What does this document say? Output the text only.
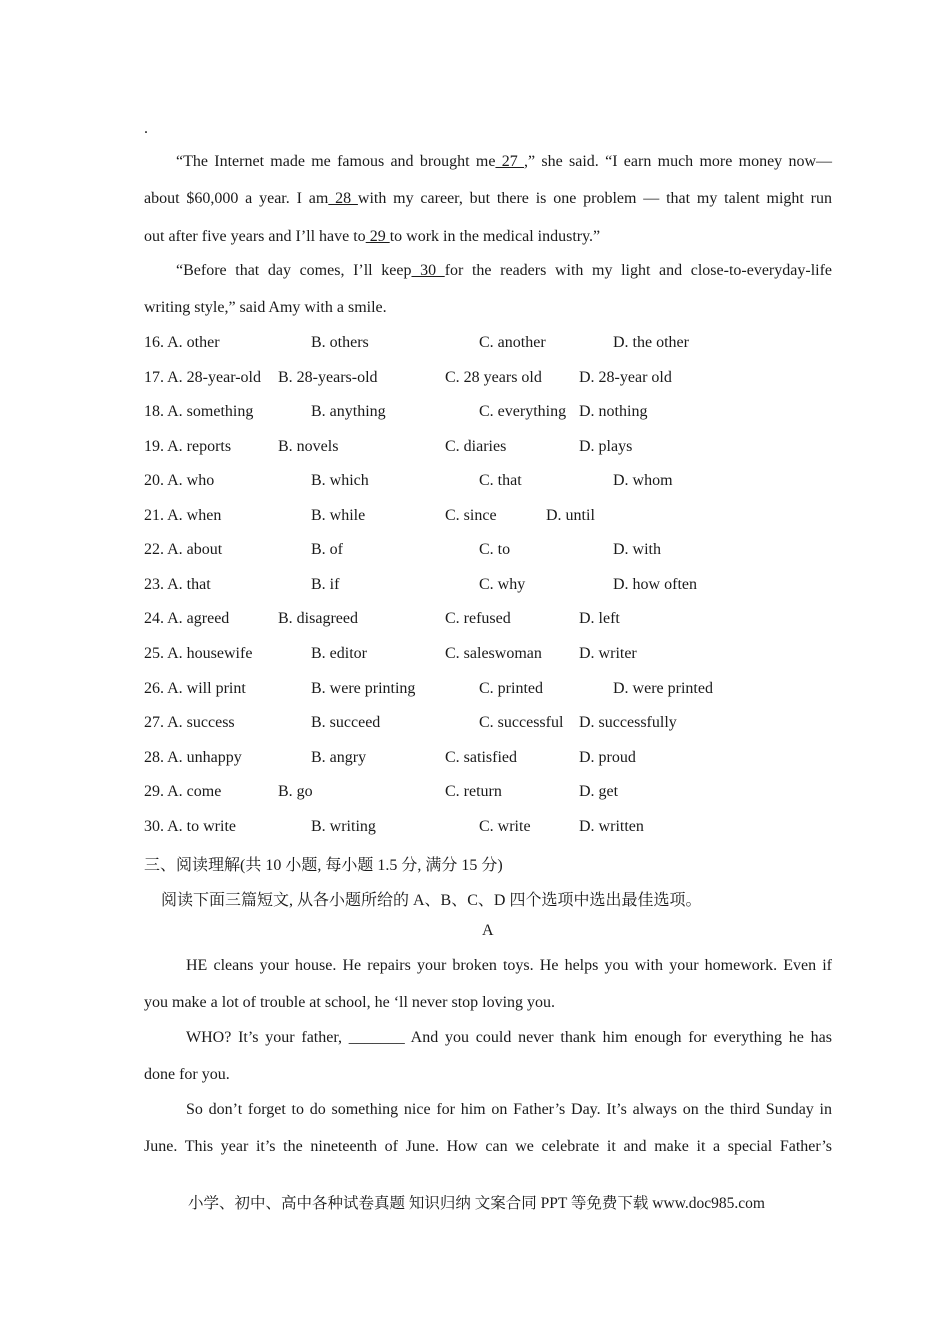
.
“The Internet made me famous and brought me 27 ,” she said. “I earn much more money now—
about $60,000 a year. I am 28 with my career, but there is one problem — that my talent might run
out after five years and I’ll have to 29 to work in the medical industry.”
“Before that day comes, I’ll keep 30 for the readers with my light and close-to-everyday-life
writing style,” said Amy with a smile.
16. A. other	B. others	C. another	D. the other
17. A. 28-year-old B. 28-years-old	C. 28 years old D. 28-year old
18. A. something	B. anything	C. everything D. nothing
19. A. reports	B. novels	C. diaries	D. plays
20. A. who	B. which	C. that	D. whom
21. A. when	B. while	C. since	D. until
22. A. about	B. of	C. to	D. with
23. A. that	B. if	C. why	D. how often
24. A. agreed	B. disagreed	C. refused	D. left
25. A. housewife	B. editor	C. saleswoman D. writer
26. A. will print	B. were printing	C. printed	D. were printed
27. A. success	B. succeed	C. successful D. successfully
28. A. unhappy	B. angry	C. satisfied	D. proud
29. A. come	B. go	C. return	D. get
30. A. to write	B. writing	C. write	D. written
三、阅读理解(共 10 小题, 每小题 1.5 分, 满分 15 分)
阅读下面三篇短文, 从各小题所给的 A、B、C、D 四个选项中选出最佳选项。
A
HE cleans your house. He repairs your broken toys. He helps you with your homework. Even if
you make a lot of trouble at school, he ‘ll never stop loving you.
WHO? It’s your father, _______ And you could never thank him enough for everything he has
done for you.
So don’t forget to do something nice for him on Father’s Day. It’s always on the third Sunday in
June. This year it’s the nineteenth of June. How can we celebrate it and make it a special Father’s
小学、初中、高中各种试卷真题 知识归纳 文案合同 PPT 等免费下载 www.doc985.com
